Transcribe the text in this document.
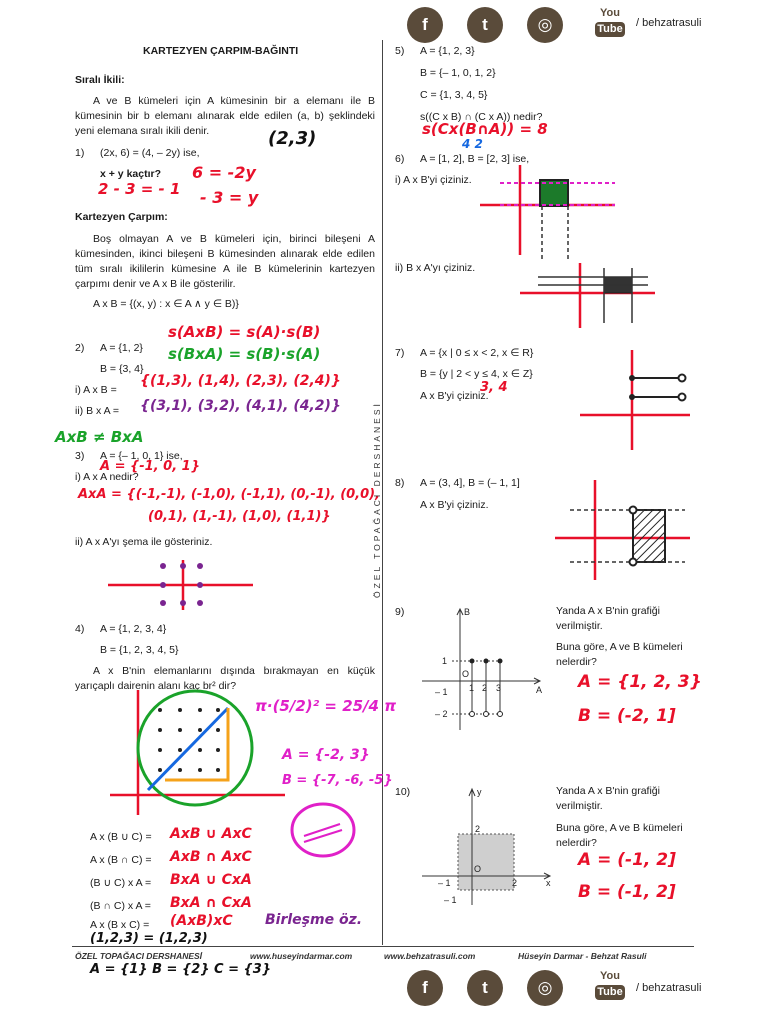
f	t	◎
You
Tube / behzatrasuli
KARTEZYEN ÇARPIM-BAĞINTI
Sıralı İkili:
A ve B kümeleri için A kümesinin bir a elemanı ile B kümesinin bir b elemanı alınarak elde edilen (a, b) şeklindeki yeni elemana sıralı ikili denir.
1) (2x, 6) = (4, – 2y) ise,
x + y kaçtır?
Kartezyen Çarpım:
Boş olmayan A ve B kümeleri için, birinci bileşeni A kümesinden, ikinci bileşeni B kümesinden alınarak elde edilen tüm sıralı ikililerin kümesine A ile B kümelerinin kartezyen çarpımı denir ve A x B ile gösterilir.
A x B = {(x, y) : x ∈ A ∧ y ∈ B)}
2) A = {1, 2}
B = {3, 4}
i) A x B =
ii) B x A =
3) A = {– 1, 0, 1} ise,
i) A x A nedir?
ii) A x A'yı şema ile gösteriniz.
4) A = {1, 2, 3, 4}
B = {1, 2, 3, 4, 5}
A x B'nin elemanlarını dışında bırakmayan en küçük yarıçaplı dairenin alanı kaç br² dir?
A x (B ∪ C) =
A x (B ∩ C) =
(B ∪ C) x A =
(B ∩ C) x A =
A x (B x C) =
5) A = {1, 2, 3}
B = {– 1, 0, 1, 2}
C = {1, 3, 4, 5}
s((C x B) ∩ (C x A)) nedir?
6) A = [1, 2], B = [2, 3] ise,
i) A x B'yi çiziniz.
ii) B x A'yı çiziniz.
7) A = {x | 0 ≤ x < 2, x ∈ R}
B = {y | 2 < y ≤ 4, x ∈ Z}
A x B'yi çiziniz.
8) A = (3, 4], B = (– 1, 1]
A x B'yi çiziniz.
9)	Yanda A x B'nin grafiği verilmiştir.
Buna göre, A ve B kümeleri nelerdir?
10)	Yanda A x B'nin grafiği verilmiştir.
Buna göre, A ve B kümeleri nelerdir?
B
A
O
1
– 1
– 2
1 2 3
y
x
O
2
– 1
– 1	2
(2,3)
6 = -2y
2 - 3 = - 1 - 3 = y
s(AxB) = s(A)·s(B)
s(BxA) = s(B)·s(A)
{(1,3), (1,4), (2,3), (2,4)}
{(3,1), (3,2), (4,1), (4,2)}
AxB ≠ BxA
A = {-1, 0, 1}
AxA = {(-1,-1), (-1,0), (-1,1), (0,-1), (0,0),
(0,1), (1,-1), (1,0), (1,1)}
π·(5/2)² = 25/4 π
A = {-2, 3}
B = {-7, -6, -5}
AxB ∪ AxC
AxB ∩ AxC
BxA ∪ CxA
BxA ∩ CxA
(AxB)xC Birleşme öz.
(1,2,3) = (1,2,3)
A = {1} B = {2} C = {3}
s(Cx(B∩A)) = 8
4 2
3, 4
A = {1, 2, 3}
B = (-2, 1]
A = (-1, 2]
B = (-1, 2]
ÖZEL TOPAĞACI DERSHANESİ
ÖZEL TOPAĞACI DERSHANESİ	www.huseyindarmar.com	www.behzatrasuli.com	Hüseyin Darmar - Behzat Rasuli
f	t	◎
You
Tube / behzatrasuli
